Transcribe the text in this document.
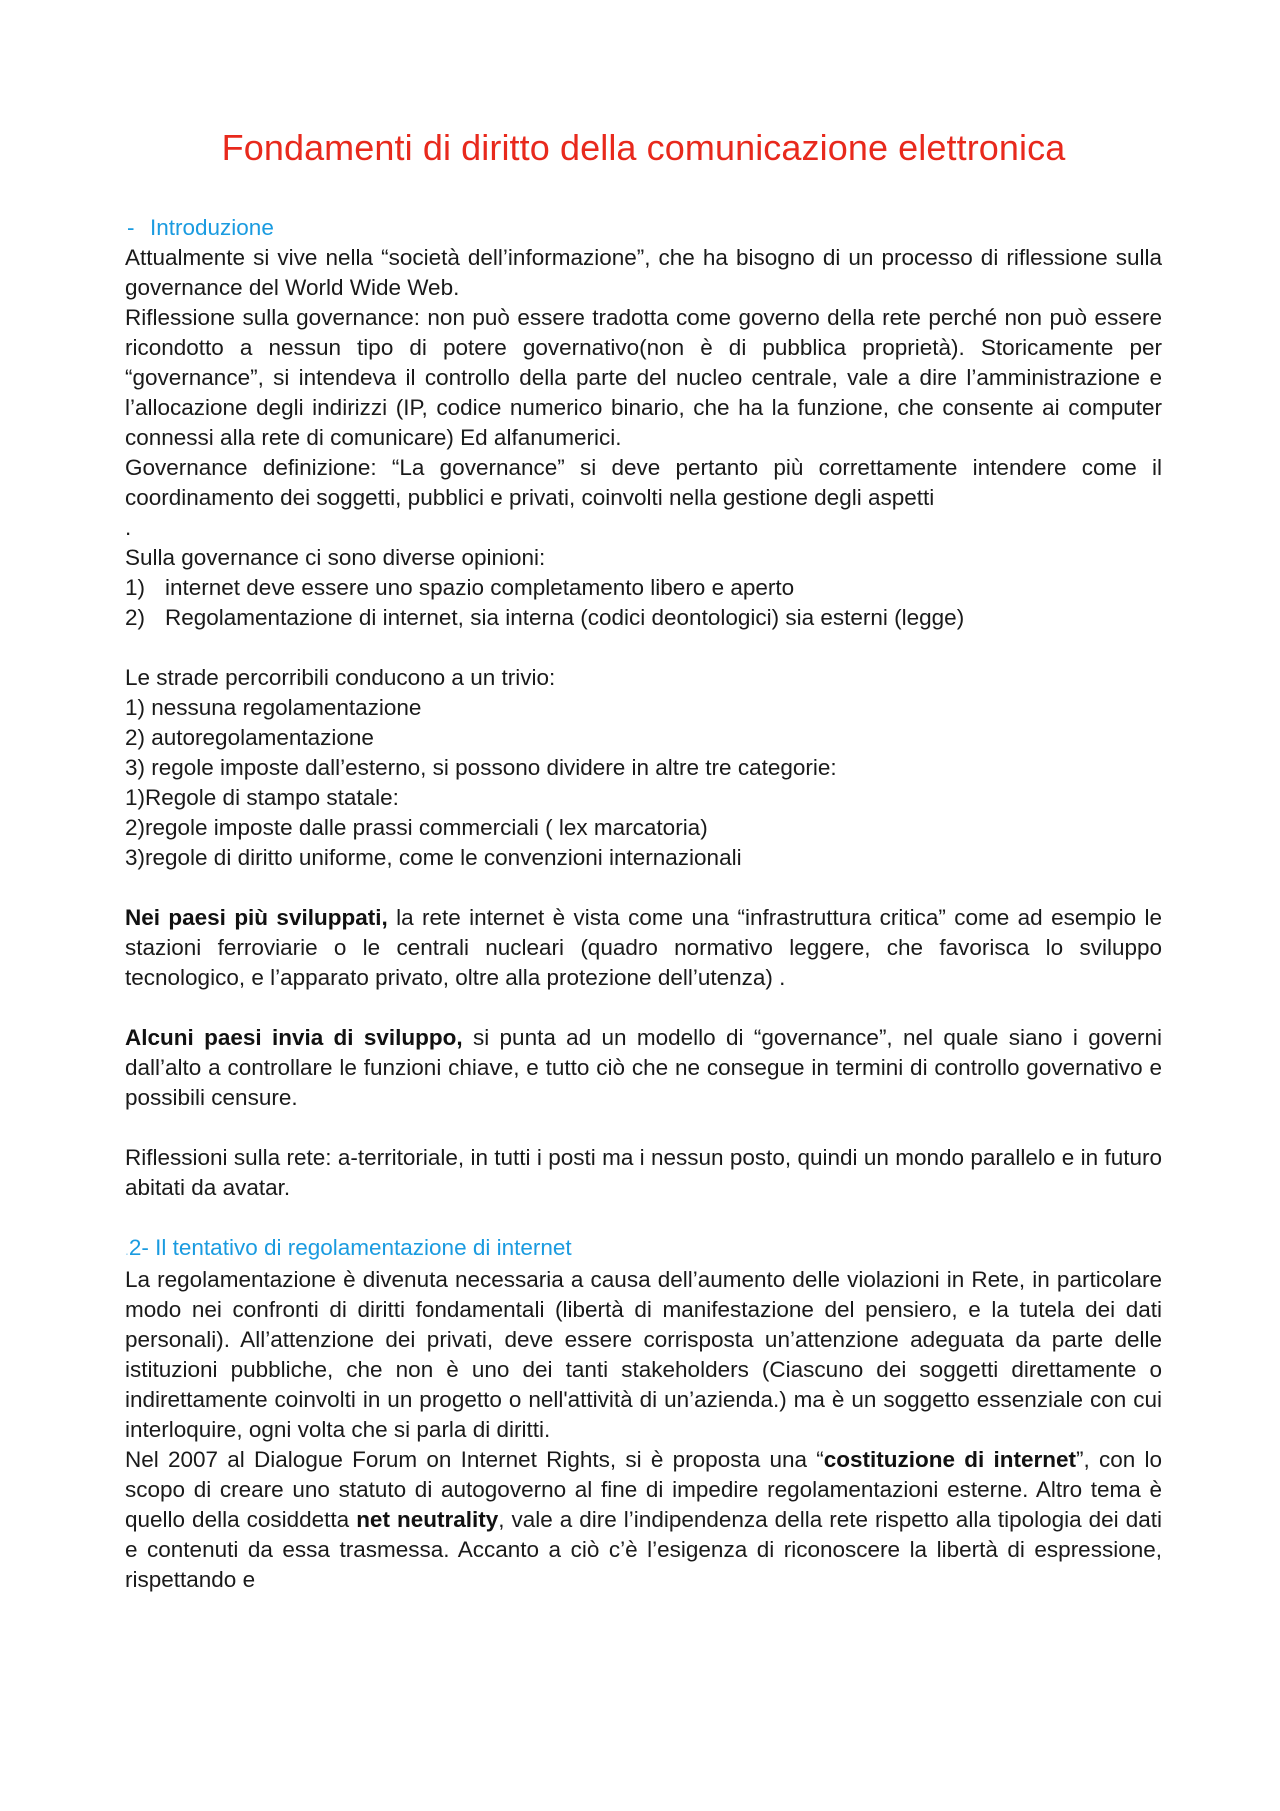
Fondamenti di diritto della comunicazione elettronica
- Introduzione

Attualmente si vive nella “società dell’informazione”, che ha bisogno di un processo di riflessione sulla governance del World Wide Web.

Riflessione sulla governance: non può essere tradotta come governo della rete perché non può essere ricondotto a nessun tipo di potere governativo(non è di pubblica proprietà). Storicamente per “governance”, si intendeva il controllo della parte del nucleo centrale, vale a dire l’amministrazione e l’allocazione degli indirizzi (IP, codice numerico binario, che ha la funzione, che consente ai computer connessi alla rete di comunicare) Ed alfanumerici.

Governance definizione: “La governance” si deve pertanto più correttamente intendere come il coordinamento dei soggetti, pubblici e privati, coinvolti nella gestione degli aspetti

.

Sulla governance ci sono diverse opinioni:

1) internet deve essere uno spazio completamento libero e aperto
2) Regolamentazione di internet, sia interna (codici deontologici) sia esterni (legge)

Le strade percorribili conducono a un trivio:

1) nessuna regolamentazione
2) autoregolamentazione
3) regole imposte dall’esterno, si possono dividere in altre tre categorie:
1)Regole di stampo statale:
2)regole imposte dalle prassi commerciali ( lex marcatoria)
3)regole di diritto uniforme, come le convenzioni internazionali

Nei paesi più sviluppati, la rete internet è vista come una “infrastruttura critica” come ad esempio le stazioni ferroviarie o le centrali nucleari (quadro normativo leggere, che favorisca lo sviluppo tecnologico, e l’apparato privato, oltre alla protezione dell’utenza) .

Alcuni paesi invia di sviluppo, si punta ad un modello di “governance”, nel quale siano i governi dall’alto a controllare le funzioni chiave, e tutto ciò che ne consegue in termini di controllo governativo e possibili censure.

Riflessioni sulla rete: a-territoriale, in tutti i posti ma i nessun posto, quindi un mondo parallelo e in futuro abitati da avatar.

.2- Il tentativo di regolamentazione di internet

La regolamentazione è divenuta necessaria a causa dell’aumento delle violazioni in Rete, in particolare modo nei confronti di diritti fondamentali (libertà di manifestazione del pensiero, e la tutela dei dati personali). All’attenzione dei privati, deve essere corrisposta un’attenzione adeguata da parte delle istituzioni pubbliche, che non è uno dei tanti stakeholders (Ciascuno dei soggetti direttamente o indirettamente coinvolti in un progetto o nell'attività di un’azienda.) ma è un soggetto essenziale con cui interloquire, ogni volta che si parla di diritti.

Nel 2007 al Dialogue Forum on Internet Rights, si è proposta una “costituzione di internet”, con lo scopo di creare uno statuto di autogoverno al fine di impedire regolamentazioni esterne. Altro tema è quello della cosiddetta net neutrality, vale a dire l’indipendenza della rete rispetto alla tipologia dei dati e contenuti da essa trasmessa. Accanto a ciò c’è l’esigenza di riconoscere la libertà di espressione, rispettando e
